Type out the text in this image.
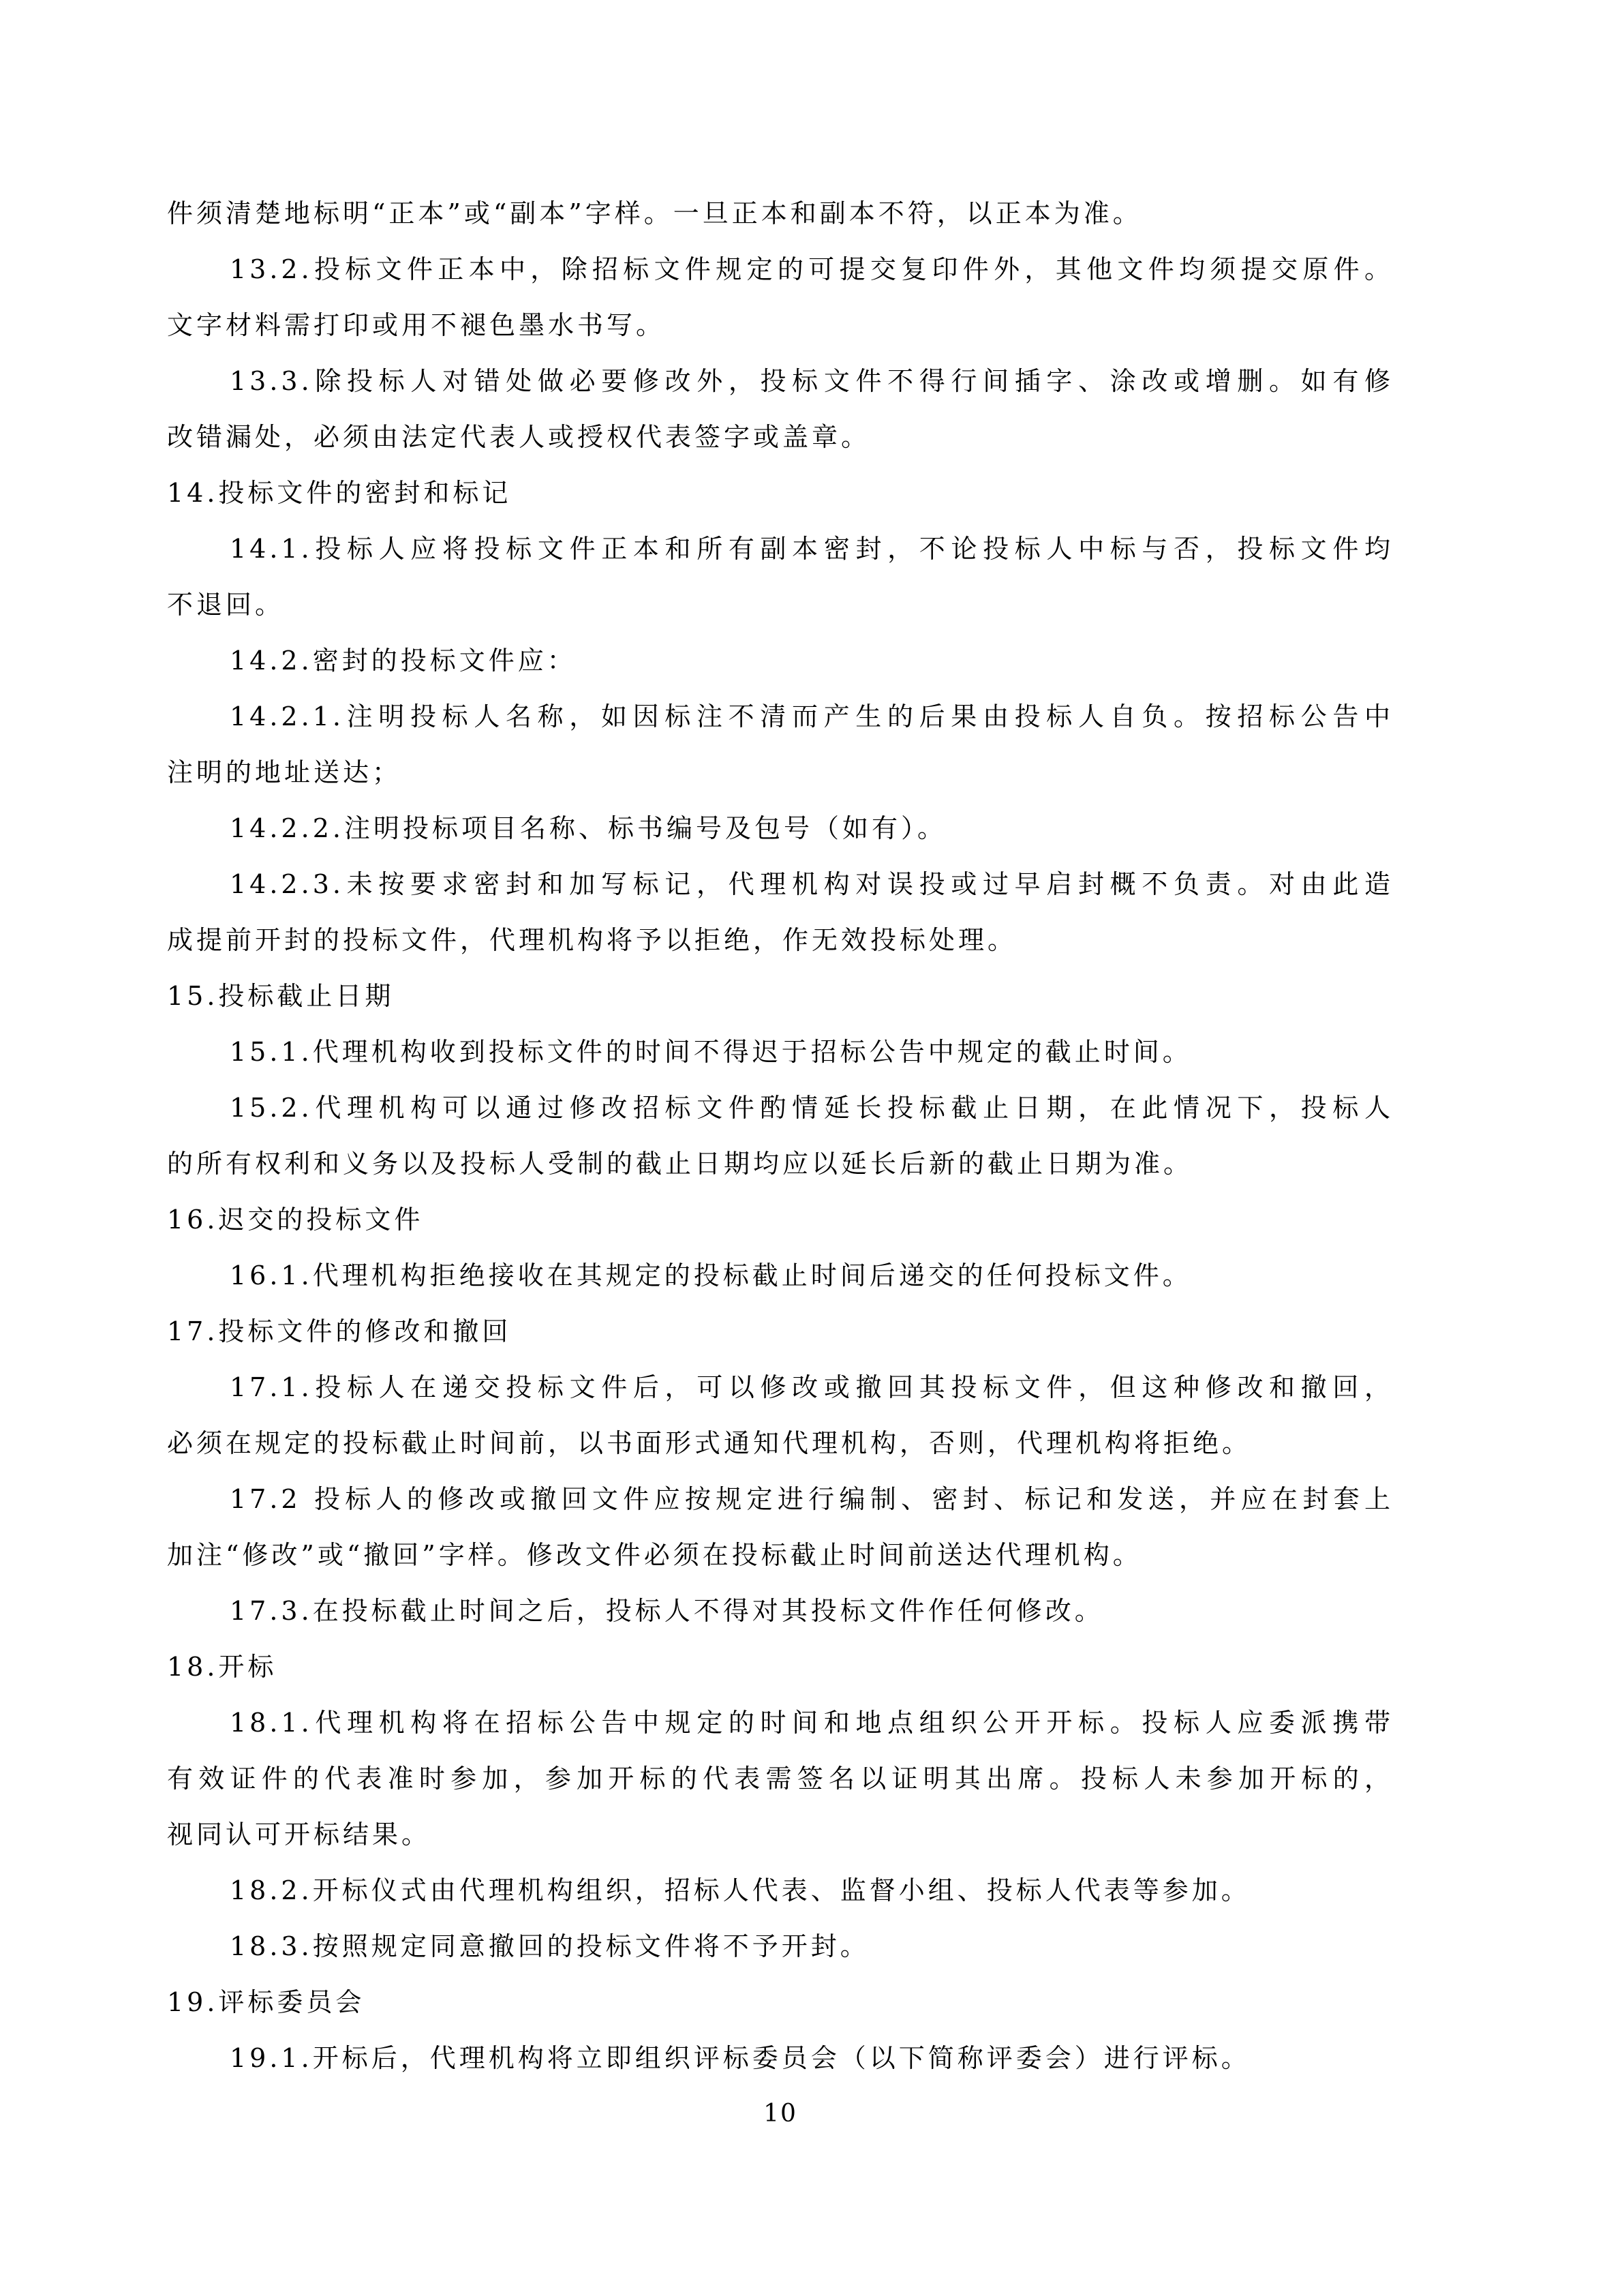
件须清楚地标明“正本”或“副本”字样。一旦正本和副本不符，以正本为准。
13.2.投标文件正本中，除招标文件规定的可提交复印件外，其他文件均须提交原件。
文字材料需打印或用不褪色墨水书写。
13.3.除投标人对错处做必要修改外，投标文件不得行间插字、涂改或增删。如有修
改错漏处，必须由法定代表人或授权代表签字或盖章。
14.投标文件的密封和标记
14.1.投标人应将投标文件正本和所有副本密封，不论投标人中标与否，投标文件均
不退回。
14.2.密封的投标文件应：
14.2.1.注明投标人名称，如因标注不清而产生的后果由投标人自负。按招标公告中
注明的地址送达；
14.2.2.注明投标项目名称、标书编号及包号（如有）。
14.2.3.未按要求密封和加写标记，代理机构对误投或过早启封概不负责。对由此造
成提前开封的投标文件，代理机构将予以拒绝，作无效投标处理。
15.投标截止日期
15.1.代理机构收到投标文件的时间不得迟于招标公告中规定的截止时间。
15.2.代理机构可以通过修改招标文件酌情延长投标截止日期，在此情况下，投标人
的所有权利和义务以及投标人受制的截止日期均应以延长后新的截止日期为准。
16.迟交的投标文件
16.1.代理机构拒绝接收在其规定的投标截止时间后递交的任何投标文件。
17.投标文件的修改和撤回
17.1.投标人在递交投标文件后，可以修改或撤回其投标文件，但这种修改和撤回，
必须在规定的投标截止时间前，以书面形式通知代理机构，否则，代理机构将拒绝。
17.2 投标人的修改或撤回文件应按规定进行编制、密封、标记和发送，并应在封套上
加注“修改”或“撤回”字样。修改文件必须在投标截止时间前送达代理机构。
17.3.在投标截止时间之后，投标人不得对其投标文件作任何修改。
18.开标
18.1.代理机构将在招标公告中规定的时间和地点组织公开开标。投标人应委派携带
有效证件的代表准时参加，参加开标的代表需签名以证明其出席。投标人未参加开标的，
视同认可开标结果。
18.2.开标仪式由代理机构组织，招标人代表、监督小组、投标人代表等参加。
18.3.按照规定同意撤回的投标文件将不予开封。
19.评标委员会
19.1.开标后，代理机构将立即组织评标委员会（以下简称评委会）进行评标。
10
